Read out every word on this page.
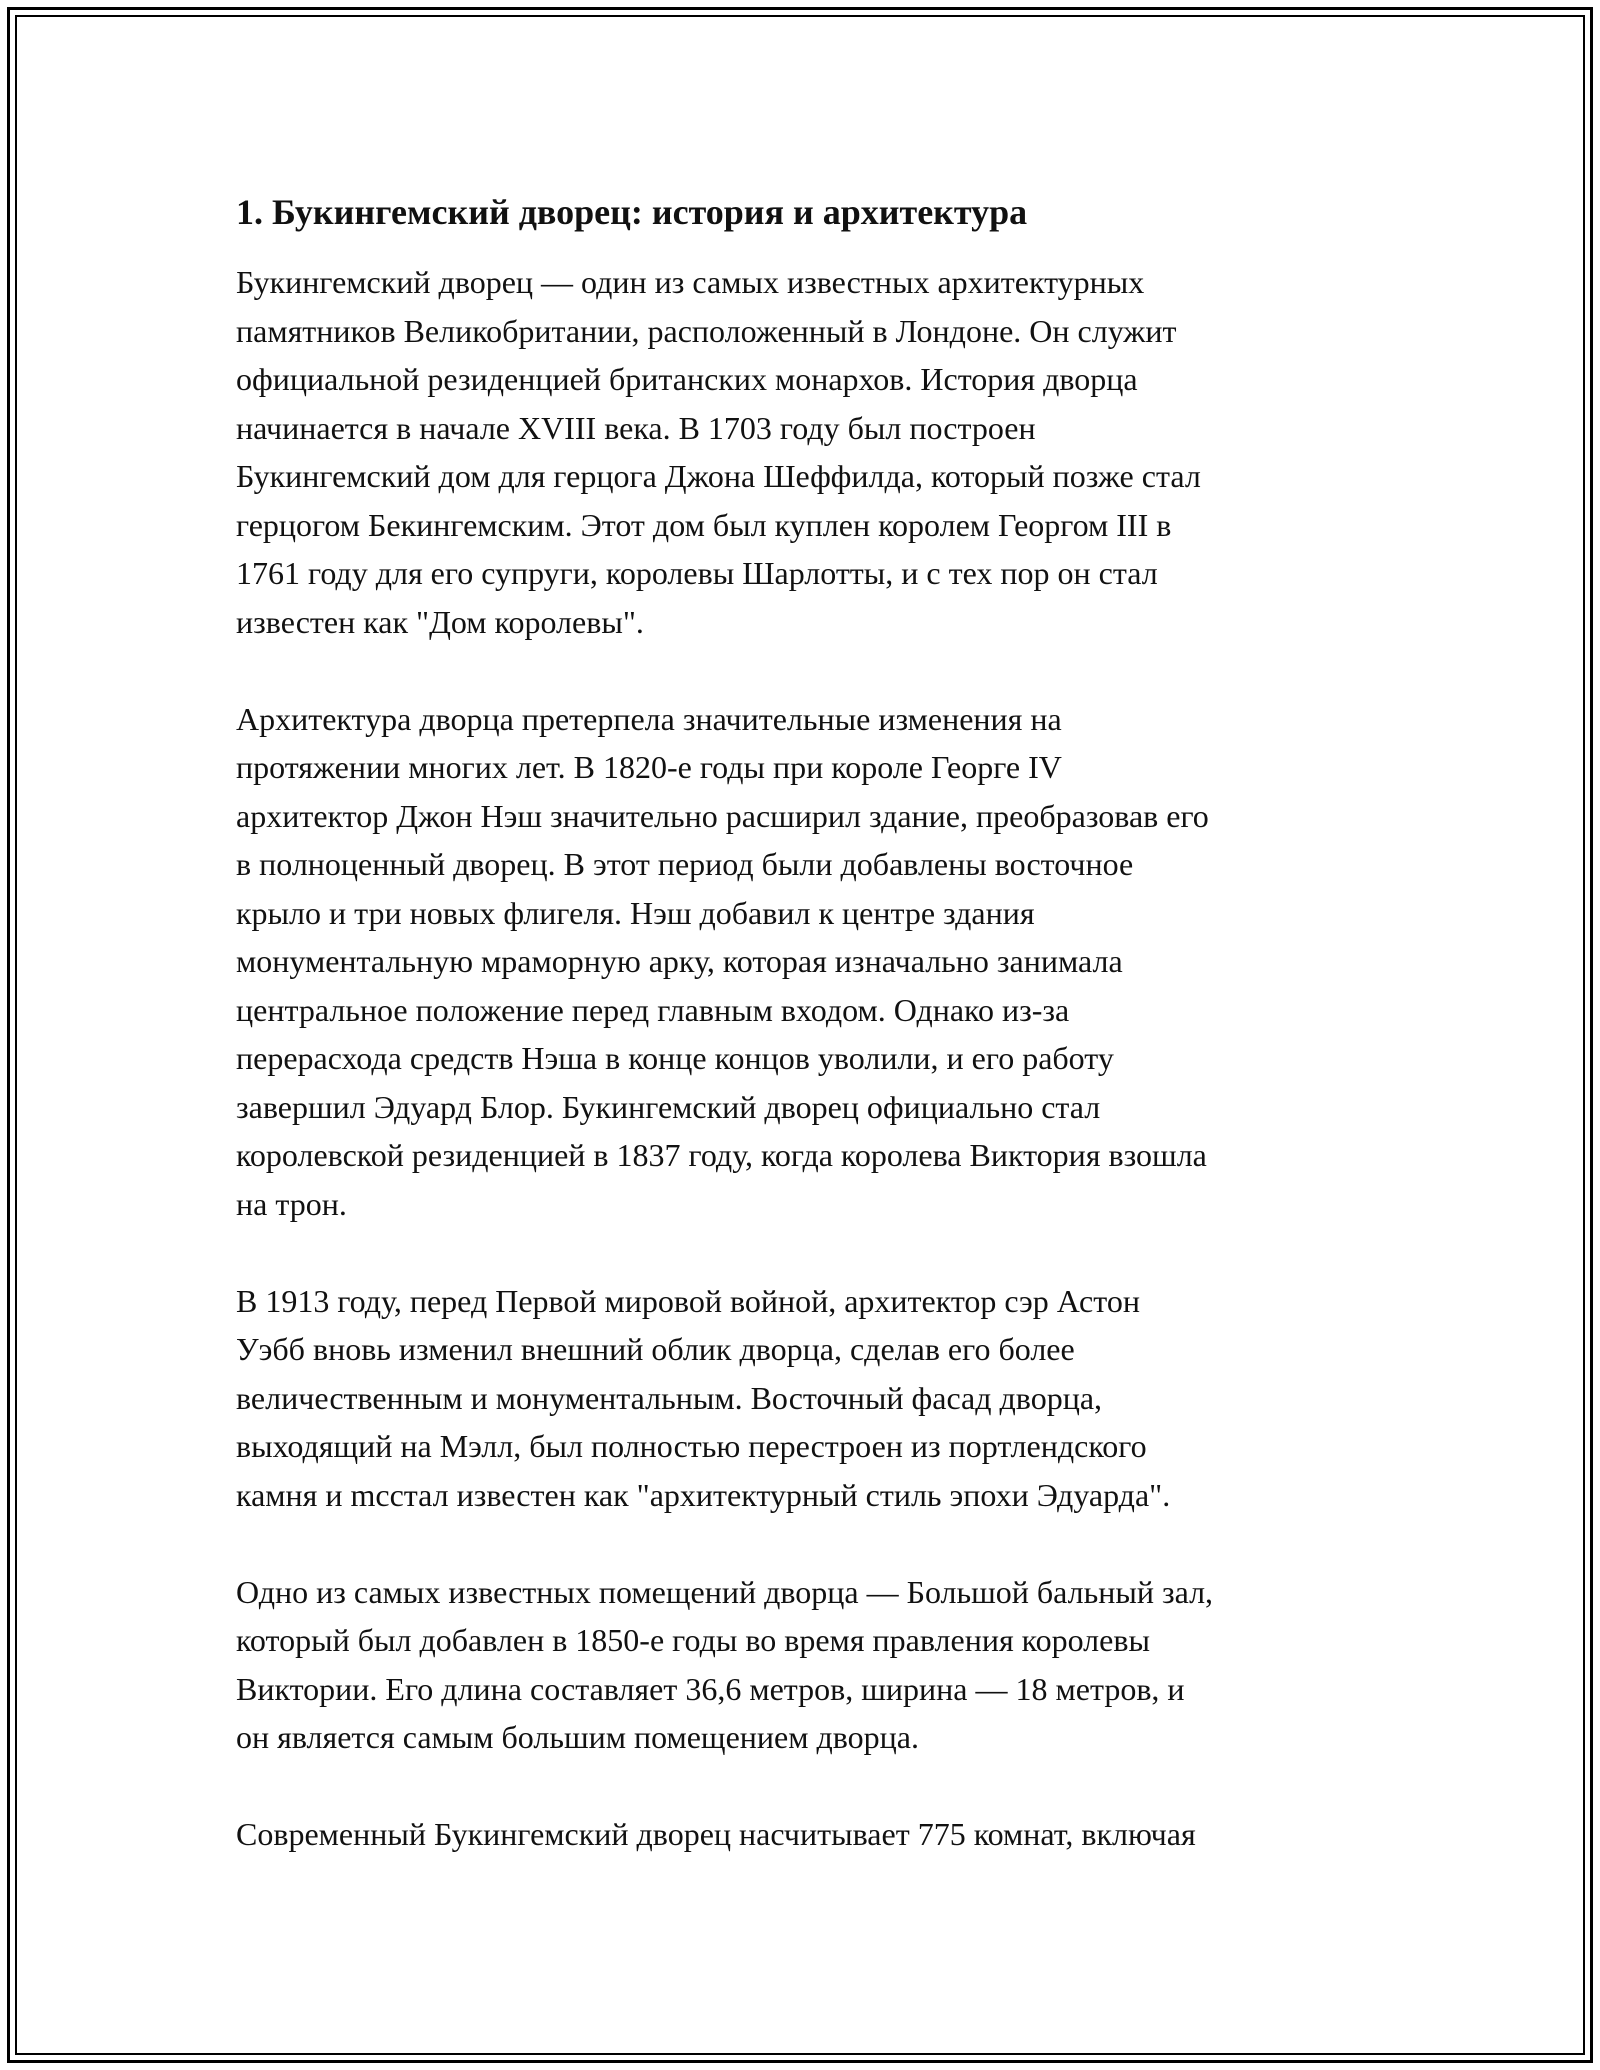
1. Букингемский дворец: история и архитектура

Букингемский дворец — один из самых известных архитектурных
памятников Великобритании, расположенный в Лондоне. Он служит
официальной резиденцией британских монархов. История дворца
начинается в начале XVIII века. В 1703 году был построен
Букингемский дом для герцога Джона Шеффилда, который позже стал
герцогом Бекингемским. Этот дом был куплен королем Георгом III в
1761 году для его супруги, королевы Шарлотты, и с тех пор он стал
известен как "Дом королевы".

Архитектура дворца претерпела значительные изменения на
протяжении многих лет. В 1820-е годы при короле Георге IV
архитектор Джон Нэш значительно расширил здание, преобразовав его
в полноценный дворец. В этот период были добавлены восточное
крыло и три новых флигеля. Нэш добавил к центре здания
монументальную мраморную арку, которая изначально занимала
центральное положение перед главным входом. Однако из-за
перерасхода средств Нэша в конце концов уволили, и его работу
завершил Эдуард Блор. Букингемский дворец официально стал
королевской резиденцией в 1837 году, когда королева Виктория взошла
на трон.

В 1913 году, перед Первой мировой войной, архитектор сэр Астон
Уэбб вновь изменил внешний облик дворца, сделав его более
величественным и монументальным. Восточный фасад дворца,
выходящий на Мэлл, был полностью перестроен из портлендского
камня и mсстал известен как "архитектурный стиль эпохи Эдуарда".

Одно из самых известных помещений дворца — Большой бальный зал,
который был добавлен в 1850-е годы во время правления королевы
Виктории. Его длина составляет 36,6 метров, ширина — 18 метров, и
он является самым большим помещением дворца.

Современный Букингемский дворец насчитывает 775 комнат, включая
